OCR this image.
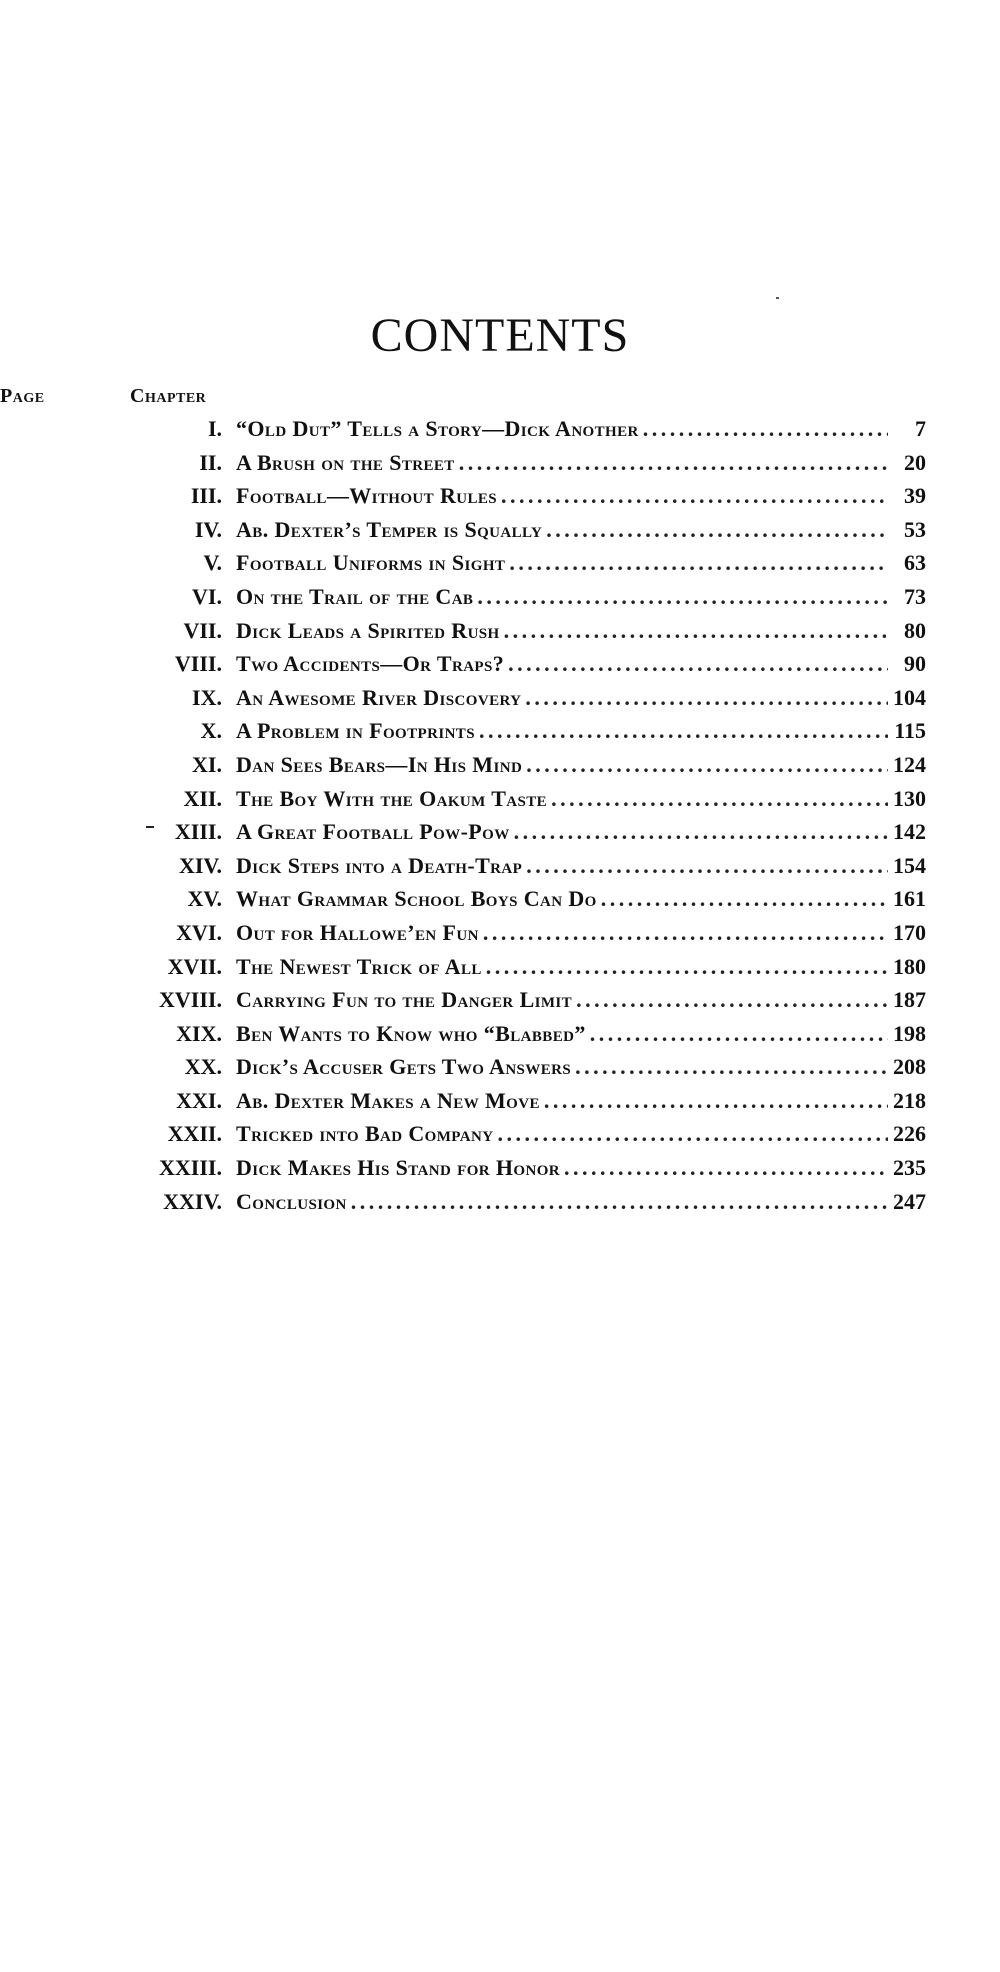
CONTENTS
Chapter
Page
I. “Old Dut” Tells a Story—Dick Another . . .	7
II. A Brush on the Street . . .	20
III. Football—Without Rules . . .	39
IV. Ab. Dexter’s Temper is Squally . . .	53
V. Football Uniforms in Sight . . .	63
VI. On the Trail of the Cab . . .	73
VII. Dick Leads a Spirited Rush . . .	80
VIII. Two Accidents—Or Traps? . . .	90
IX. An Awesome River Discovery . . .	104
X. A Problem in Footprints . . .	115
XI. Dan Sees Bears—In His Mind . . .	124
XII. The Boy With the Oakum Taste . . .	130
XIII. A Great Football Pow-Pow . . .	142
XIV. Dick Steps into a Death-Trap . . .	154
XV. What Grammar School Boys Can Do . . .	161
XVI. Out for Hallowe’en Fun . . .	170
XVII. The Newest Trick of All . . .	180
XVIII. Carrying Fun to the Danger Limit . . .	187
XIX. Ben Wants to Know who “Blabbed” . . .	198
XX. Dick’s Accuser Gets Two Answers . . .	208
XXI. Ab. Dexter Makes a New Move . . .	218
XXII. Tricked into Bad Company . . .	226
XXIII. Dick Makes His Stand for Honor . . .	235
XXIV. Conclusion . . .	247
